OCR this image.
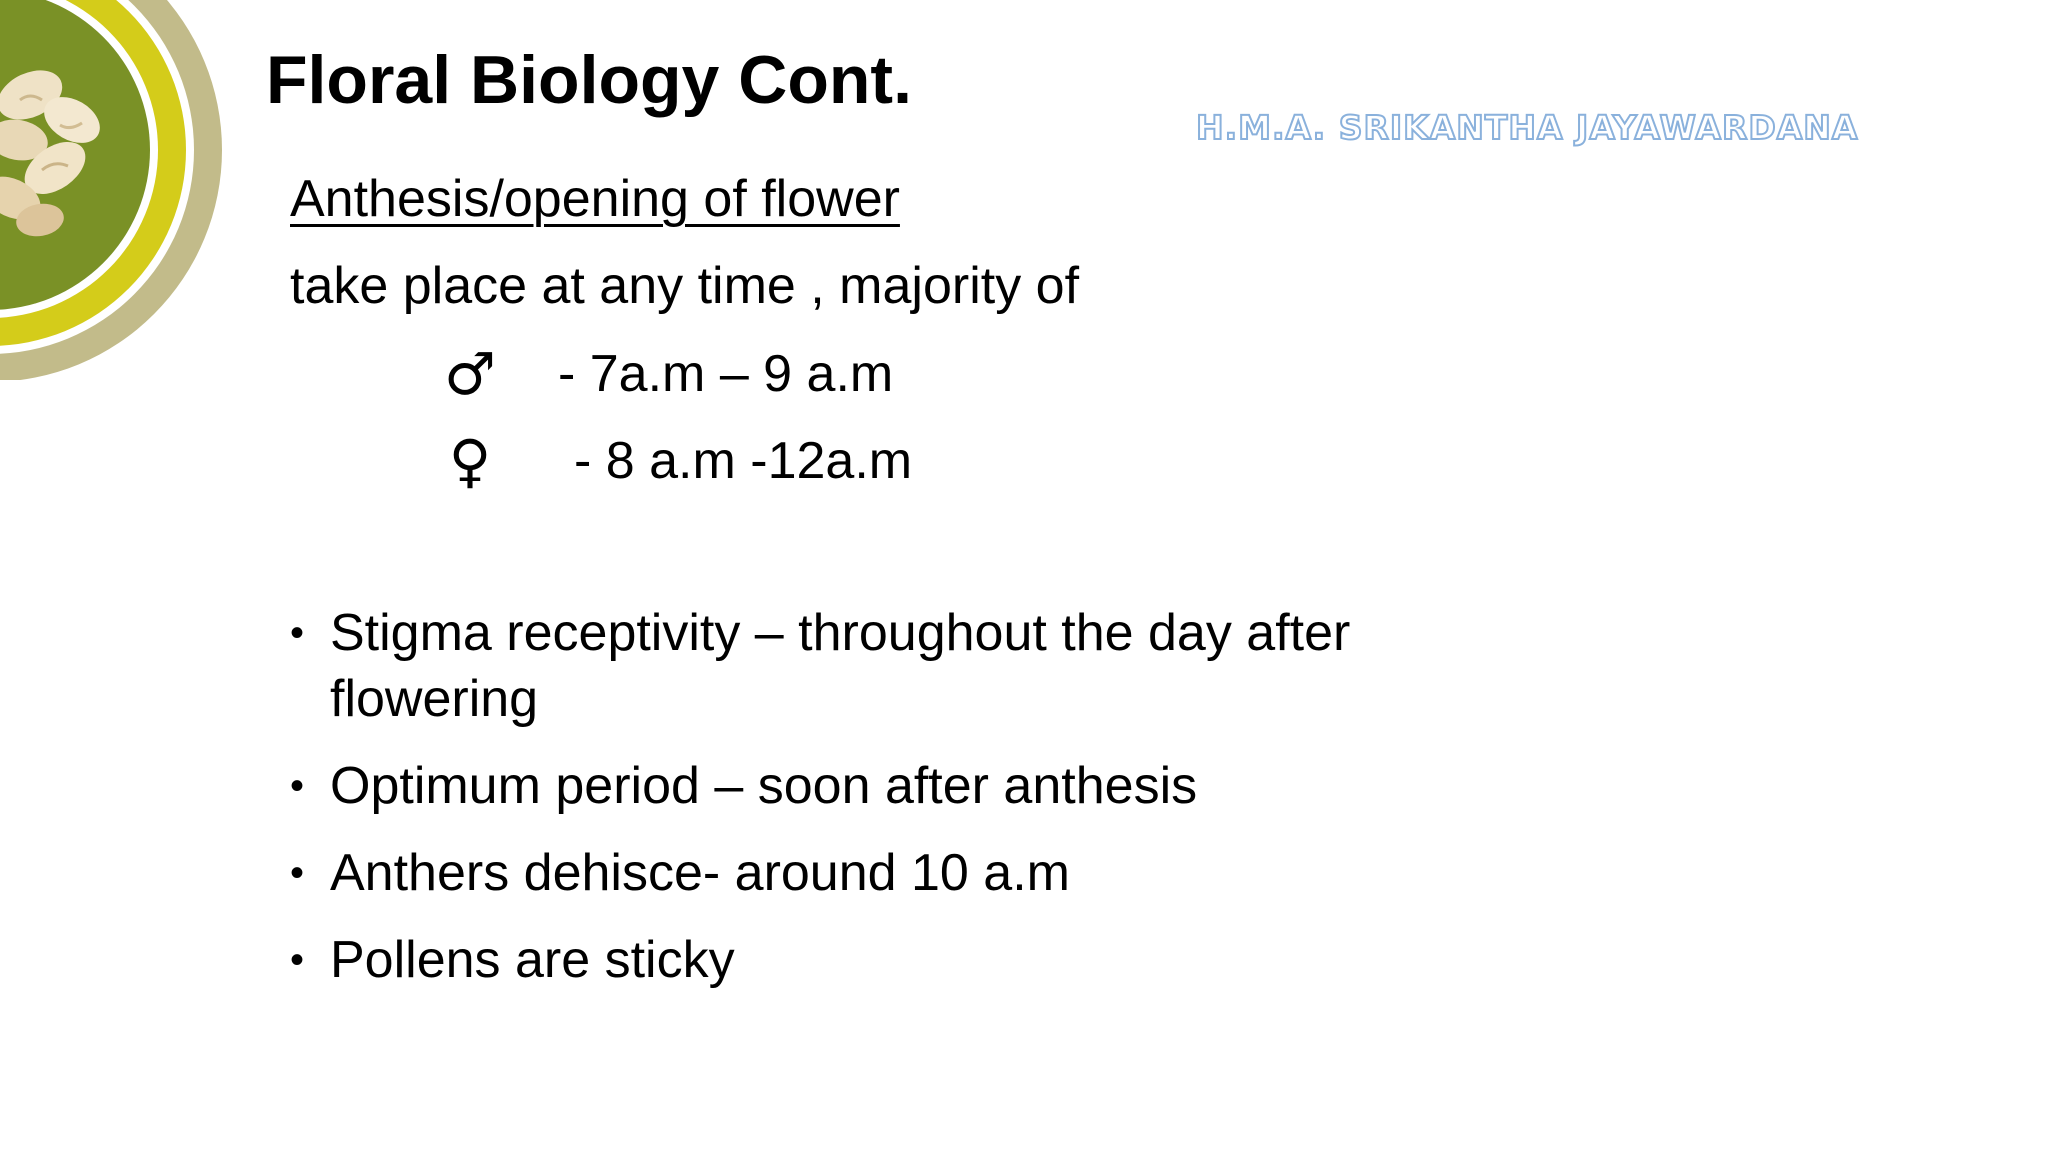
Floral Biology Cont.
H.M.A. SRIKANTHA JAYAWARDANA
Anthesis/opening of flower
take place at any time , majority of
♂ - 7a.m – 9 a.m
♀ - 8 a.m -12a.m
• Stigma receptivity – throughout the day after flowering
• Optimum period – soon after anthesis
• Anthers dehisce- around 10 a.m
• Pollens are sticky
